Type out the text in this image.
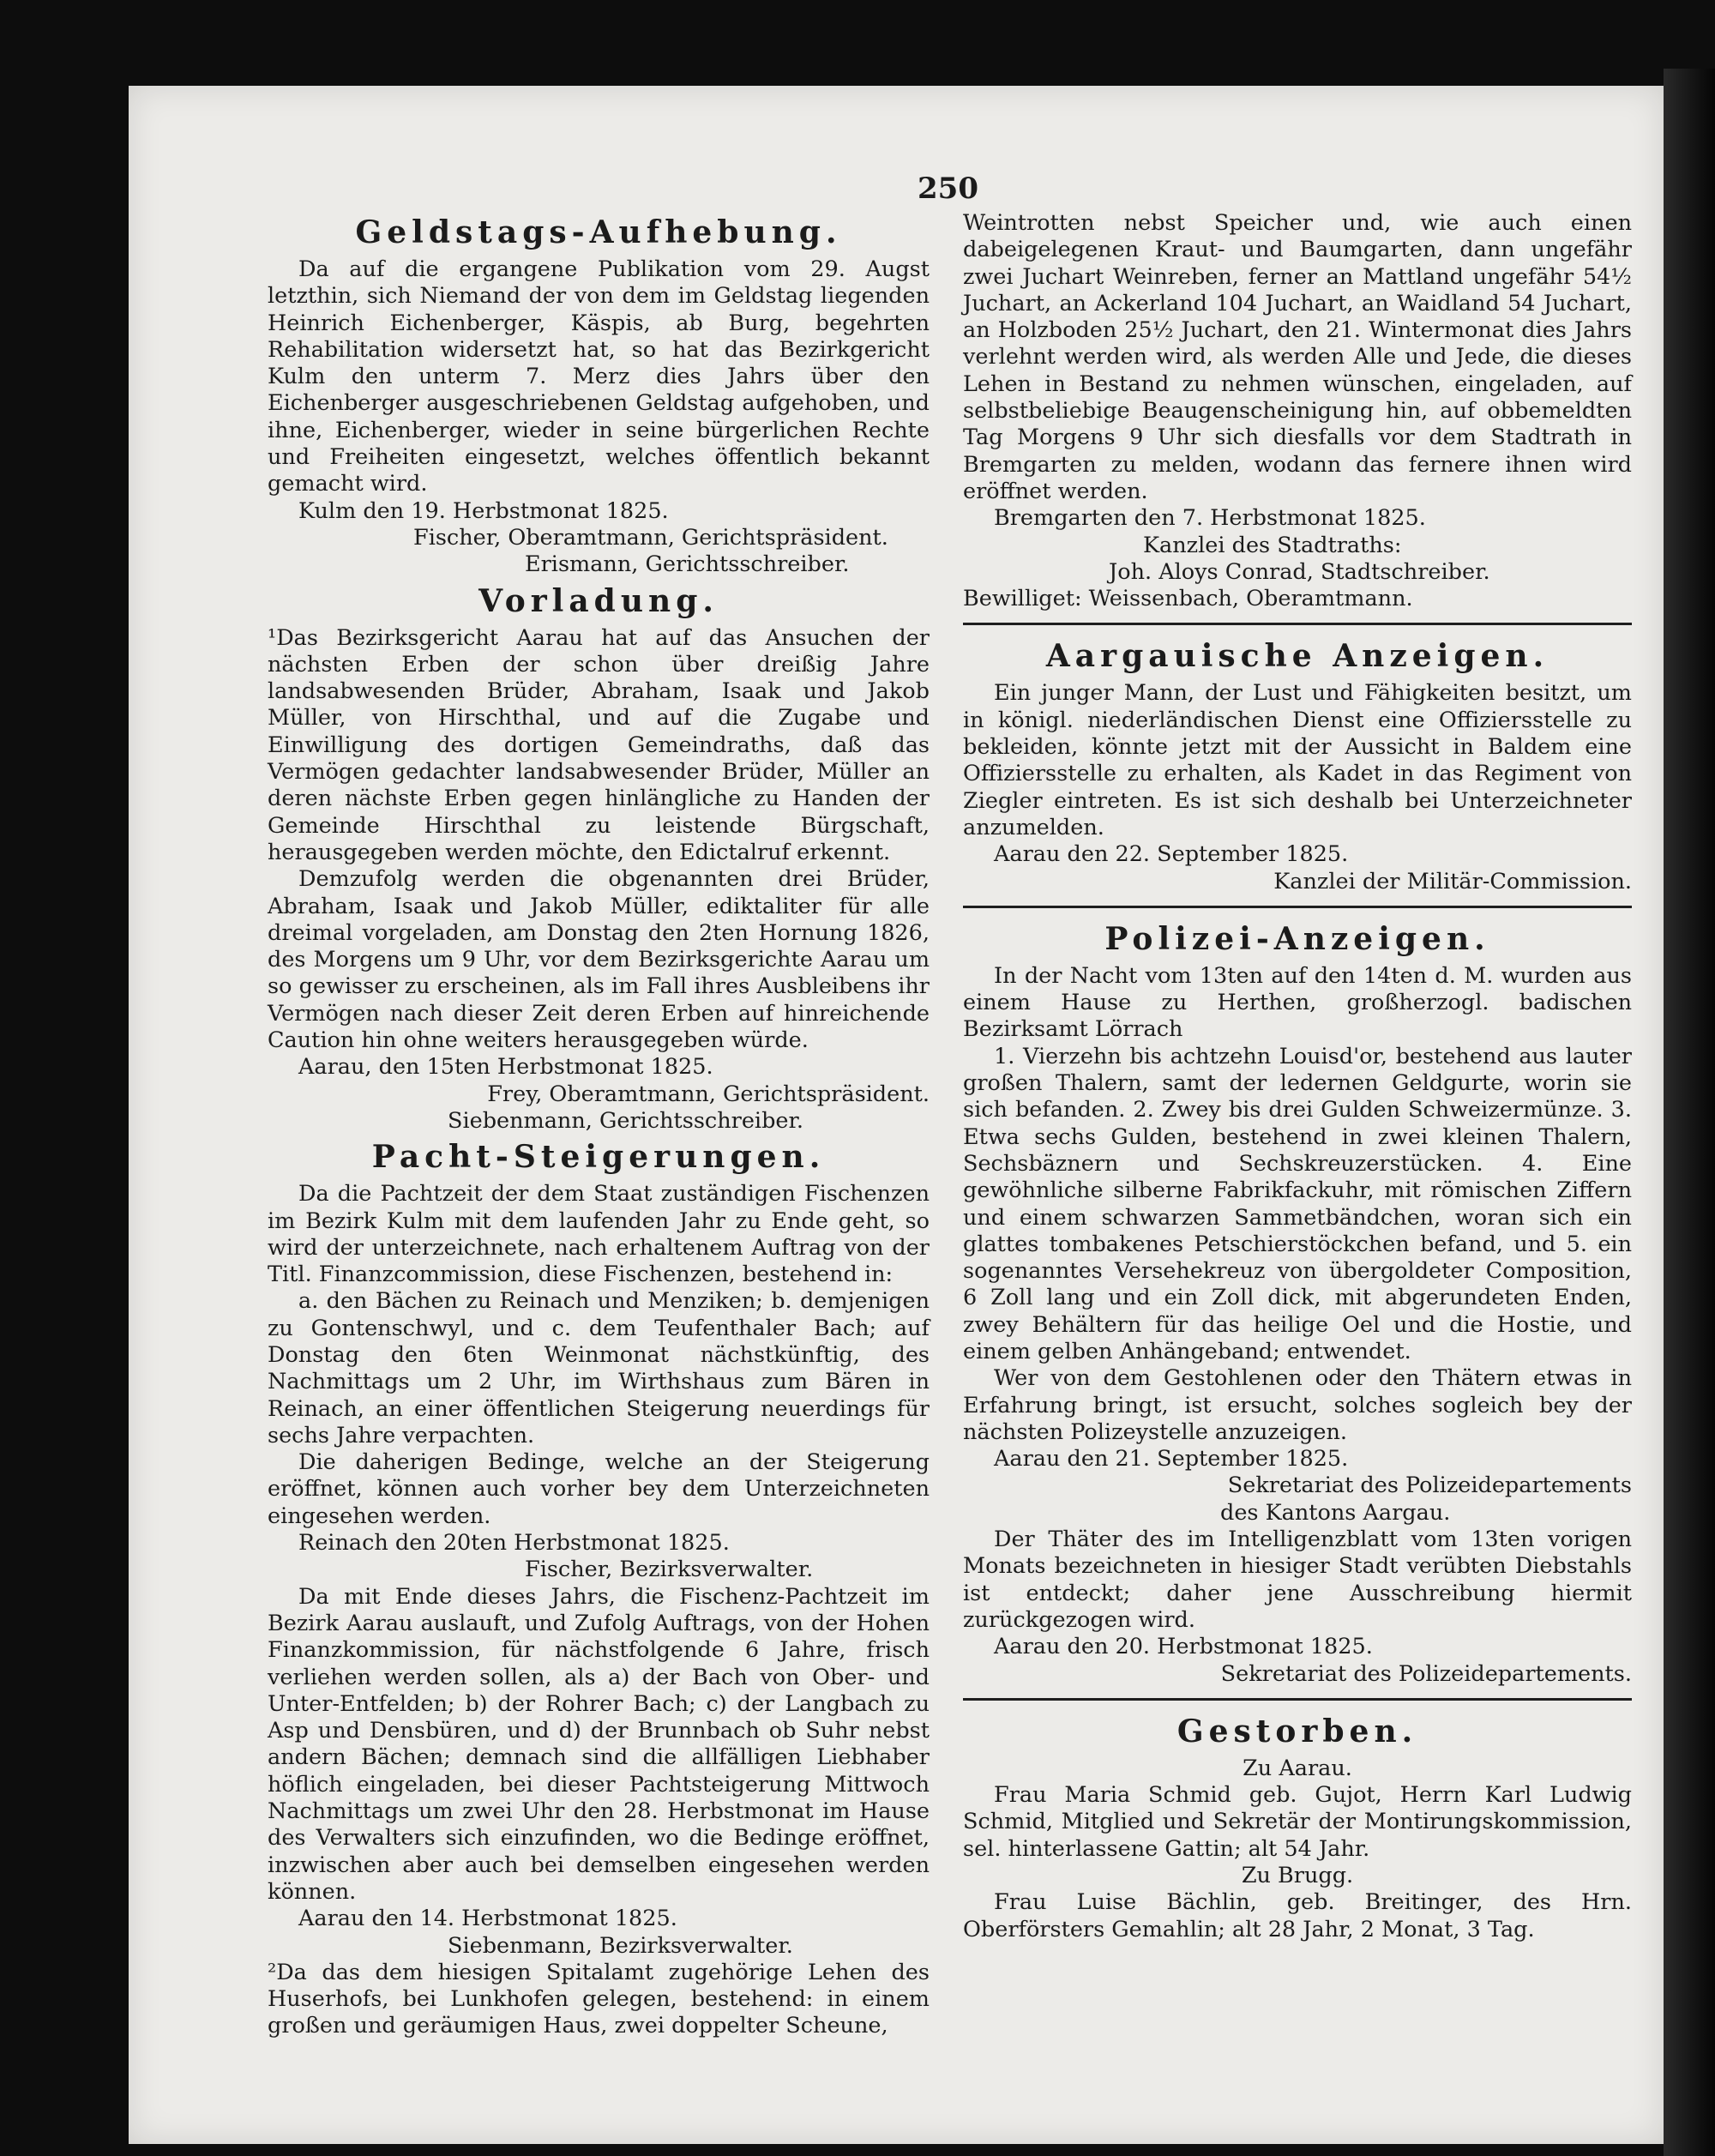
250
Geldstags-Aufhebung.

Da auf die ergangene Publikation vom 29. Augst letzthin, sich Niemand der von dem im Geldstag liegenden Heinrich Eichenberger, Käspis, ab Burg, begehrten Rehabilitation widersetzt hat, so hat das Bezirkgericht Kulm den unterm 7. Merz dies Jahrs über den Eichenberger ausgeschriebenen Geldstag aufgehoben, und ihne, Eichenberger, wieder in seine bürgerlichen Rechte und Freiheiten eingesetzt, welches öffentlich bekannt gemacht wird.

Kulm den 19. Herbstmonat 1825.

Fischer, Oberamtmann, Gerichtspräsident.

Erismann, Gerichtsschreiber.

Vorladung.

¹Das Bezirksgericht Aarau hat auf das Ansuchen der nächsten Erben der schon über dreißig Jahre landsabwesenden Brüder, Abraham, Isaak und Jakob Müller, von Hirschthal, und auf die Zugabe und Einwilligung des dortigen Gemeindraths, daß das Vermögen gedachter landsabwesender Brüder, Müller an deren nächste Erben gegen hinlängliche zu Handen der Gemeinde Hirschthal zu leistende Bürgschaft, herausgegeben werden möchte, den Edictalruf erkennt.

Demzufolg werden die obgenannten drei Brüder, Abraham, Isaak und Jakob Müller, ediktaliter für alle dreimal vorgeladen, am Donstag den 2ten Hornung 1826, des Morgens um 9 Uhr, vor dem Bezirksgerichte Aarau um so gewisser zu erscheinen, als im Fall ihres Ausbleibens ihr Vermögen nach dieser Zeit deren Erben auf hinreichende Caution hin ohne weiters herausgegeben würde.

Aarau, den 15ten Herbstmonat 1825.

Frey, Oberamtmann, Gerichtspräsident.

Siebenmann, Gerichtsschreiber.

Pacht-Steigerungen.

Da die Pachtzeit der dem Staat zuständigen Fischenzen im Bezirk Kulm mit dem laufenden Jahr zu Ende geht, so wird der unterzeichnete, nach erhaltenem Auftrag von der Titl. Finanzcommission, diese Fischenzen, bestehend in:

a. den Bächen zu Reinach und Menziken; b. demjenigen zu Gontenschwyl, und c. dem Teufenthaler Bach; auf Donstag den 6ten Weinmonat nächstkünftig, des Nachmittags um 2 Uhr, im Wirthshaus zum Bären in Reinach, an einer öffentlichen Steigerung neuerdings für sechs Jahre verpachten.

Die daherigen Bedinge, welche an der Steigerung eröffnet, können auch vorher bey dem Unterzeichneten eingesehen werden.

Reinach den 20ten Herbstmonat 1825.

Fischer, Bezirksverwalter.

Da mit Ende dieses Jahrs, die Fischenz-Pachtzeit im Bezirk Aarau auslauft, und Zufolg Auftrags, von der Hohen Finanzkommission, für nächstfolgende 6 Jahre, frisch verliehen werden sollen, als a) der Bach von Ober- und Unter-Entfelden; b) der Rohrer Bach; c) der Langbach zu Asp und Densbüren, und d) der Brunnbach ob Suhr nebst andern Bächen; demnach sind die allfälligen Liebhaber höflich eingeladen, bei dieser Pachtsteigerung Mittwoch Nachmittags um zwei Uhr den 28. Herbstmonat im Hause des Verwalters sich einzufinden, wo die Bedinge eröffnet, inzwischen aber auch bei demselben eingesehen werden können.

Aarau den 14. Herbstmonat 1825.

Siebenmann, Bezirksverwalter.

²Da das dem hiesigen Spitalamt zugehörige Lehen des Huserhofs, bei Lunkhofen gelegen, bestehend: in einem großen und geräumigen Haus, zwei doppelter Scheune,

Weintrotten nebst Speicher und, wie auch einen dabeigelegenen Kraut- und Baumgarten, dann ungefähr zwei Juchart Weinreben, ferner an Mattland ungefähr 54½ Juchart, an Ackerland 104 Juchart, an Waidland 54 Juchart, an Holzboden 25½ Juchart, den 21. Wintermonat dies Jahrs verlehnt werden wird, als werden Alle und Jede, die dieses Lehen in Bestand zu nehmen wünschen, eingeladen, auf selbstbeliebige Beaugenscheinigung hin, auf obbemeldten Tag Morgens 9 Uhr sich diesfalls vor dem Stadtrath in Bremgarten zu melden, wodann das fernere ihnen wird eröffnet werden.

Bremgarten den 7. Herbstmonat 1825.

Kanzlei des Stadtraths:

Joh. Aloys Conrad, Stadtschreiber.

Bewilliget: Weissenbach, Oberamtmann.

Aargauische Anzeigen.

Ein junger Mann, der Lust und Fähigkeiten besitzt, um in königl. niederländischen Dienst eine Offiziersstelle zu bekleiden, könnte jetzt mit der Aussicht in Baldem eine Offiziersstelle zu erhalten, als Kadet in das Regiment von Ziegler eintreten. Es ist sich deshalb bei Unterzeichneter anzumelden.

Aarau den 22. September 1825.

Kanzlei der Militär-Commission.

Polizei-Anzeigen.

In der Nacht vom 13ten auf den 14ten d. M. wurden aus einem Hause zu Herthen, großherzogl. badischen Bezirksamt Lörrach

1. Vierzehn bis achtzehn Louisd'or, bestehend aus lauter großen Thalern, samt der ledernen Geldgurte, worin sie sich befanden. 2. Zwey bis drei Gulden Schweizermünze. 3. Etwa sechs Gulden, bestehend in zwei kleinen Thalern, Sechsbäznern und Sechskreuzerstücken. 4. Eine gewöhnliche silberne Fabrikfackuhr, mit römischen Ziffern und einem schwarzen Sammetbändchen, woran sich ein glattes tombakenes Petschierstöckchen befand, und 5. ein sogenanntes Versehekreuz von übergoldeter Composition, 6 Zoll lang und ein Zoll dick, mit abgerundeten Enden, zwey Behältern für das heilige Oel und die Hostie, und einem gelben Anhängeband; entwendet.

Wer von dem Gestohlenen oder den Thätern etwas in Erfahrung bringt, ist ersucht, solches sogleich bey der nächsten Polizeystelle anzuzeigen.

Aarau den 21. September 1825.

Sekretariat des Polizeidepartements

des Kantons Aargau.

Der Thäter des im Intelligenzblatt vom 13ten vorigen Monats bezeichneten in hiesiger Stadt verübten Diebstahls ist entdeckt; daher jene Ausschreibung hiermit zurückgezogen wird.

Aarau den 20. Herbstmonat 1825.

Sekretariat des Polizeidepartements.

Gestorben.

Zu Aarau.

Frau Maria Schmid geb. Gujot, Herrn Karl Ludwig Schmid, Mitglied und Sekretär der Montirungskommission, sel. hinterlassene Gattin; alt 54 Jahr.

Zu Brugg.

Frau Luise Bächlin, geb. Breitinger, des Hrn. Oberförsters Gemahlin; alt 28 Jahr, 2 Monat, 3 Tag.
